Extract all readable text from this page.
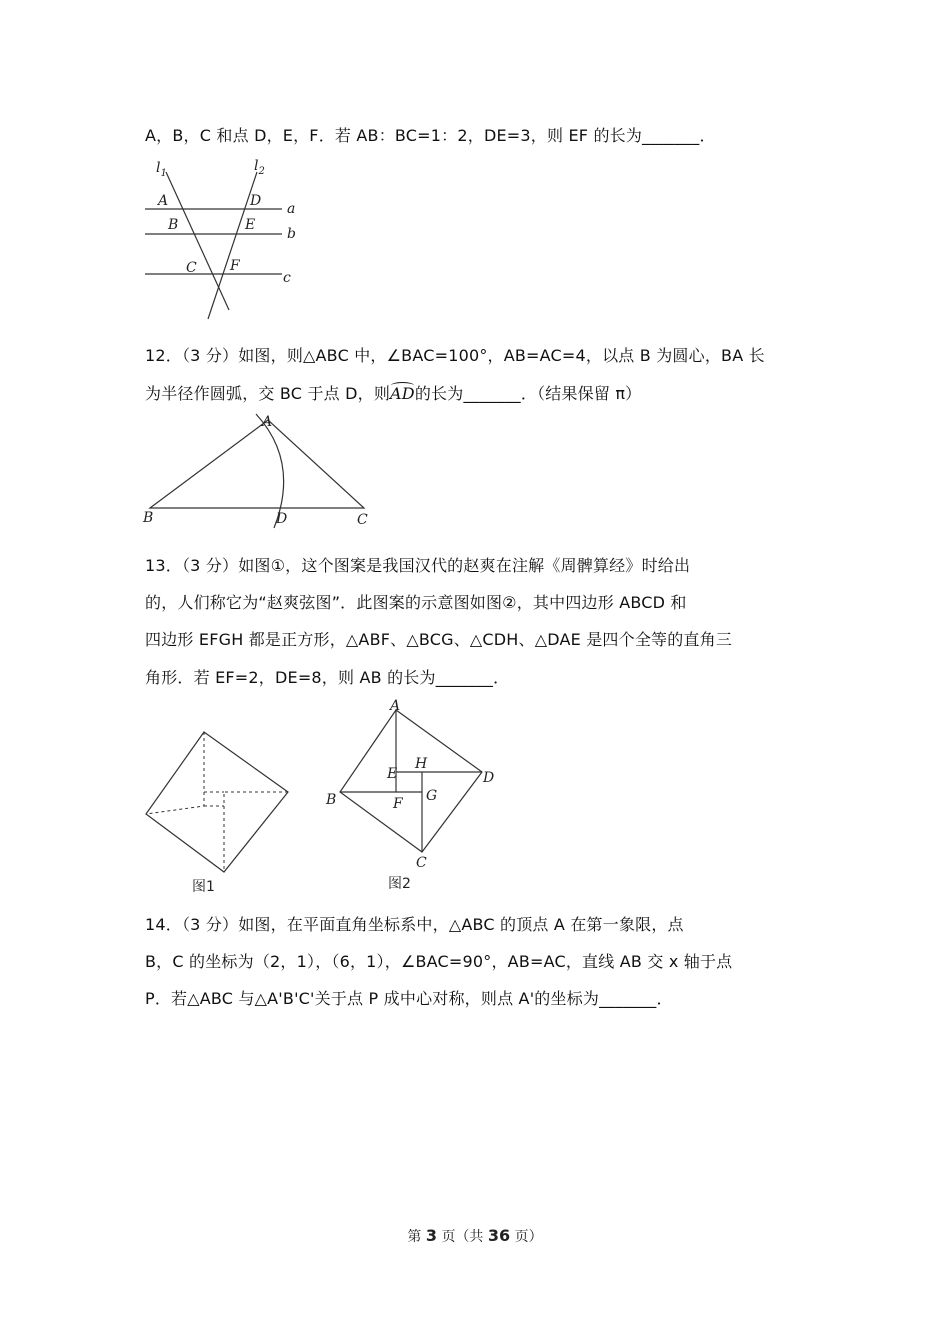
A，B，C 和点 D，E，F．若 AB：BC=1：2，DE=3，则 EF 的长为_______．
$l_1$	$l_2$
A
B
C
D
E
F
a
b
c
12．（3 分）如图，则△ABC 中，∠BAC=100°，AB=AC=4，以点 B 为圆心，BA 长
为半径作圆弧，交 BC 于点 D，则AD的长为_______．（结果保留 π）
A
B	C
D
13．（3 分）如图①，这个图案是我国汉代的赵爽在注解《周髀算经》时给出
的，人们称它为“赵爽弦图”．此图案的示意图如图②，其中四边形 ABCD 和
四边形 EFGH 都是正方形，△ABF、△BCG、△CDH、△DAE 是四个全等的直角三
角形．若 EF=2，DE=8，则 AB 的长为_______．
图1
A
B
C
D
E
F G
H
图2
14．（3 分）如图，在平面直角坐标系中，△ABC 的顶点 A 在第一象限，点
B，C 的坐标为（2，1），（6，1），∠BAC=90°，AB=AC，直线 AB 交 x 轴于点
P．若△ABC 与△A'B'C'关于点 P 成中心对称，则点 A'的坐标为_______．
第 3 页（共 36 页）
